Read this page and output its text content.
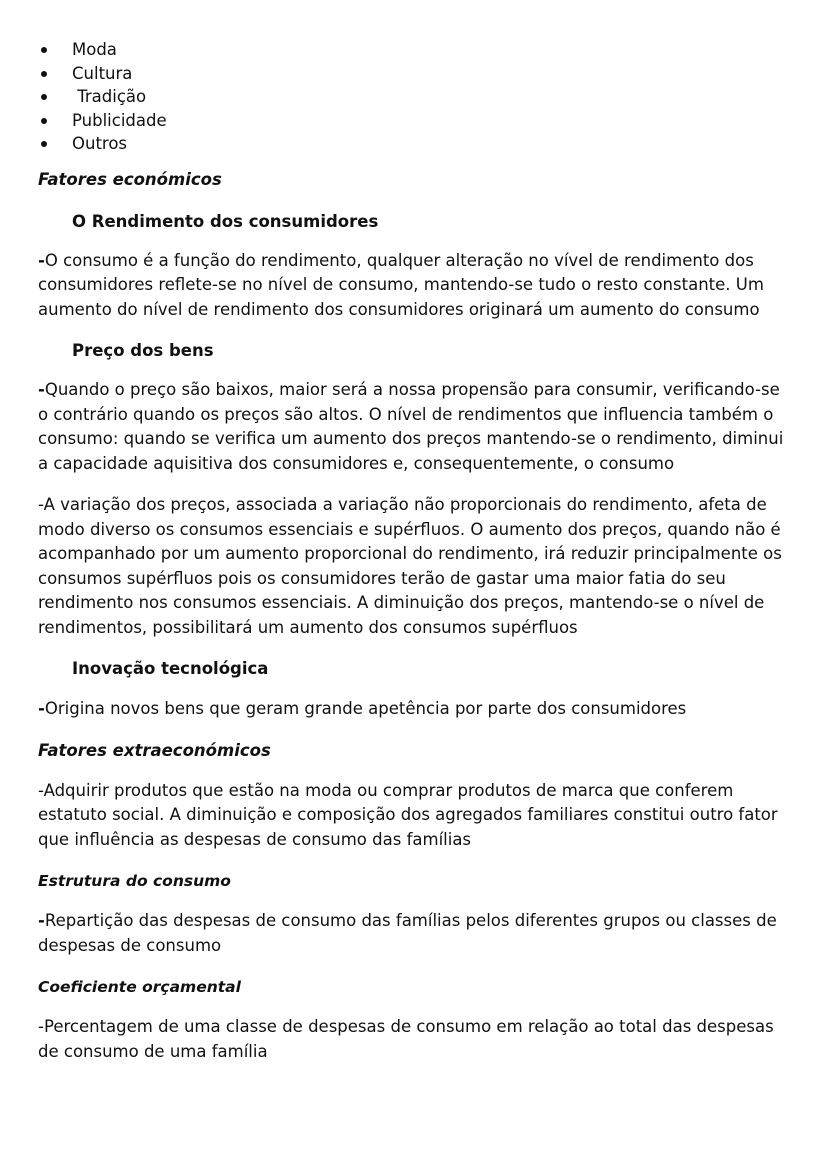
Moda
Cultura
Tradição
Publicidade
Outros
Fatores económicos
O Rendimento dos consumidores

-O consumo é a função do rendimento, qualquer alteração no vível de rendimento dos consumidores reflete-se no nível de consumo, mantendo-se tudo o resto constante. Um aumento do nível de rendimento dos consumidores originará um aumento do consumo

Preço dos bens

-Quando o preço são baixos, maior será a nossa propensão para consumir, verificando-se o contrário quando os preços são altos. O nível de rendimentos que influencia também o consumo: quando se verifica um aumento dos preços mantendo-se o rendimento, diminui a capacidade aquisitiva dos consumidores e, consequentemente, o consumo

-A variação dos preços, associada a variação não proporcionais do rendimento, afeta de modo diverso os consumos essenciais e supérfluos. O aumento dos preços, quando não é acompanhado por um aumento proporcional do rendimento, irá reduzir principalmente os consumos supérfluos pois os consumidores terão de gastar uma maior fatia do seu rendimento nos consumos essenciais. A diminuição dos preços, mantendo-se o nível de rendimentos, possibilitará um aumento dos consumos supérfluos

Inovação tecnológica

-Origina novos bens que geram grande apetência por parte dos consumidores

Fatores extraeconómicos

-Adquirir produtos que estão na moda ou comprar produtos de marca que conferem estatuto social. A diminuição e composição dos agregados familiares constitui outro fator que influência as despesas de consumo das famílias

Estrutura do consumo

-Repartição das despesas de consumo das famílias pelos diferentes grupos ou classes de despesas de consumo

Coeficiente orçamental

-Percentagem de uma classe de despesas de consumo em relação ao total das despesas de consumo de uma família
